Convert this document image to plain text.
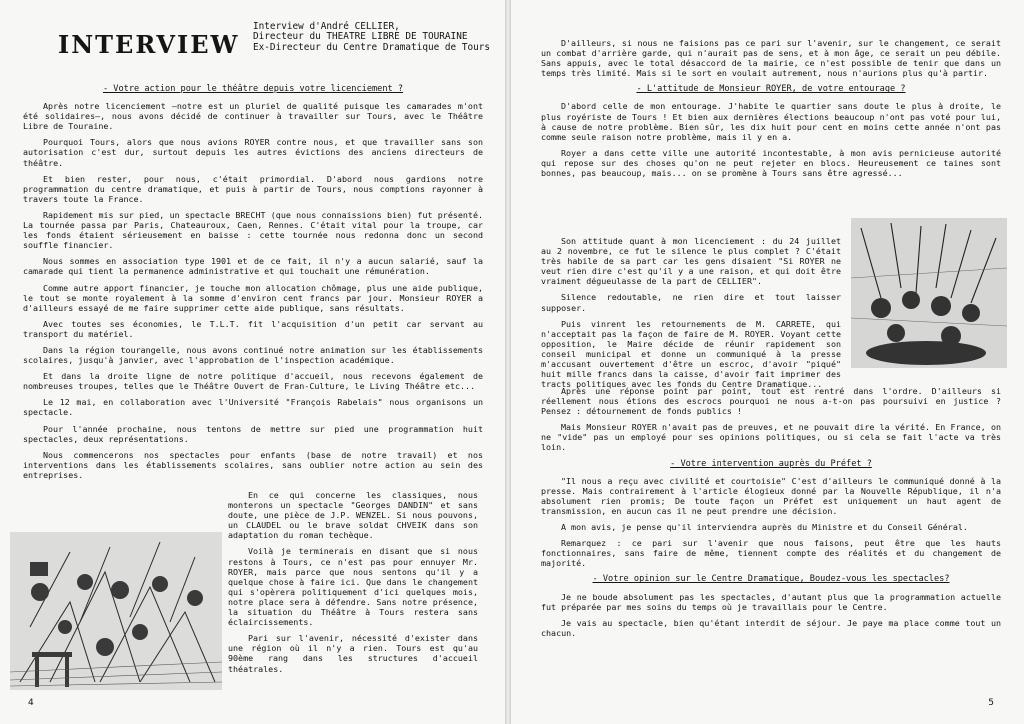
INTERVIEW
Interview d'André CELLIER,
Directeur du THEATRE LIBRE DE TOURAINE
Ex-Directeur du Centre Dramatique de Tours
- Votre action pour le théâtre depuis votre licenciement ?

Après notre licenciement —notre est un pluriel de qualité puisque les camarades m'ont été solidaires—, nous avons décidé de continuer à travailler sur Tours, avec le Théâtre Libre de Touraine.

Pourquoi Tours, alors que nous avions ROYER contre nous, et que travailler sans son autorisation c'est dur, surtout depuis les autres évictions des anciens directeurs de théâtre.

Et bien rester, pour nous, c'était primordial. D'abord nous gardions notre programmation du centre dramatique, et puis à partir de Tours, nous comptions rayonner à travers toute la France.

Rapidement mis sur pied, un spectacle BRECHT (que nous connaissions bien) fut présenté. La tournée passa par Paris, Chateauroux, Caen, Rennes. C'était vital pour la troupe, car les fonds étaient sérieusement en baisse : cette tournée nous redonna donc un second souffle financier.

Nous sommes en association type 1901 et de ce fait, il n'y a aucun salarié, sauf la camarade qui tient la permanence administrative et qui touchait une rémunération.

Comme autre apport financier, je touche mon allocation chômage, plus une aide publique, le tout se monte royalement à la somme d'environ cent francs par jour. Monsieur ROYER a d'ailleurs essayé de me faire supprimer cette aide publique, sans résultats.

Avec toutes ses économies, le T.L.T. fit l'acquisition d'un petit car servant au transport du matériel.

Dans la région tourangelle, nous avons continué notre animation sur les établissements scolaires, jusqu'à janvier, avec l'approbation de l'inspection académique.

Et dans la droite ligne de notre politique d'accueil, nous recevons également de nombreuses troupes, telles que le Théâtre Ouvert de Fran-Culture, le Living Théâtre etc...

Le 12 mai, en collaboration avec l'Université "François Rabelais" nous organisons un spectacle.

Pour l'année prochaine, nous tentons de mettre sur pied une programmation huit spectacles, deux représentations.

Nous commencerons nos spectacles pour enfants (base de notre travail) et nos interventions dans les établissements scolaires, sans oublier notre action au sein des entreprises.

En ce qui concerne les classiques, nous monterons un spectacle "Georges DANDIN" et sans doute, une pièce de J.P. WENZEL. Si nous pouvons, un CLAUDEL ou le brave soldat CHVEIK dans son adaptation du roman techèque.

Voilà je terminerais en disant que si nous restons à Tours, ce n'est pas pour ennuyer Mr. ROYER, mais parce que nous sentons qu'il y a quelque chose à faire ici. Que dans le changement qui s'opèrera politiquement d'ici quelques mois, notre place sera à défendre. Sans notre présence, la situation du Théâtre à Tours restera sans éclaircissements.

Pari sur l'avenir, nécessité d'exister dans une région où il n'y a rien. Tours est qu'au 90ème rang dans les structures d'accueil théatrales.

4

D'ailleurs, si nous ne faisions pas ce pari sur l'avenir, sur le changement, ce serait un combat d'arrière garde, qui n'aurait pas de sens, et à mon âge, ce serait un peu débile. Sans appuis, avec le total désaccord de la mairie, ce n'est possible de tenir que dans un temps très limité. Mais si le sort en voulait autrement, nous n'aurions plus qu'à partir.

- L'attitude de Monsieur ROYER, de votre entourage ?

D'abord celle de mon entourage. J'habite le quartier sans doute le plus à droite, le plus royériste de Tours ! Et bien aux dernières élections beaucoup n'ont pas voté pour lui, à cause de notre problème. Bien sûr, les dix huit pour cent en moins cette année n'ont pas comme seule raison notre problème, mais il y en a.

Royer a dans cette ville une autorité incontestable, à mon avis pernicieuse autorité qui repose sur des choses qu'on ne peut rejeter en blocs. Heureusement ce taines sont bonnes, pas beaucoup, mais... on se promène à Tours sans être agressé...

Son attitude quant à mon licenciement : du 24 juillet au 2 novembre, ce fut le silence le plus complet ? C'était très habile de sa part car les gens disaient "Si ROYER ne veut rien dire c'est qu'il y a une raison, et qui doit être vraiment dégueulasse de la part de CELLIER".

Silence redoutable, ne rien dire et tout laisser supposer.

Puis vinrent les retournements de M. CARRETE, qui n'acceptait pas la façon de faire de M. ROYER. Voyant cette opposition, le Maire décide de réunir rapidement son conseil municipal et donne un communiqué à la presse m'accusant ouvertement d'être un escroc, d'avoir "piqué" huit mille francs dans la caisse, d'avoir fait imprimer des tracts politiques avec les fonds du Centre Dramatique...

Après une réponse point par point, tout est rentré dans l'ordre. D'ailleurs si réellement nous étions des escrocs pourquoi ne nous a-t-on pas poursuivi en justice ? Pensez : détournement de fonds publics !

Mais Monsieur ROYER n'avait pas de preuves, et ne pouvait dire la vérité. En France, on ne "vide" pas un employé pour ses opinions politiques, ou si cela se fait l'acte va très loin.

- Votre intervention auprès du Préfet ?

"Il nous a reçu avec civilité et courtoisie" C'est d'ailleurs le communiqué donné à la presse. Mais contrairement à l'article élogieux donné par la Nouvelle République, il n'a absolument rien promis; De toute façon un Préfet est uniquement un haut agent de transmission, en aucun cas il ne peut prendre une décision.

A mon avis, je pense qu'il interviendra auprès du Ministre et du Conseil Général.

Remarquez : ce pari sur l'avenir que nous faisons, peut être que les hauts fonctionnaires, sans faire de même, tiennent compte des réalités et du changement de majorité.

- Votre opinion sur le Centre Dramatique, Boudez-vous les spectacles?

Je ne boude absolument pas les spectacles, d'autant plus que la programmation actuelle fut préparée par mes soins du temps où je travaillais pour le Centre.

Je vais au spectacle, bien qu'étant interdit de séjour. Je paye ma place comme tout un chacun.

5
